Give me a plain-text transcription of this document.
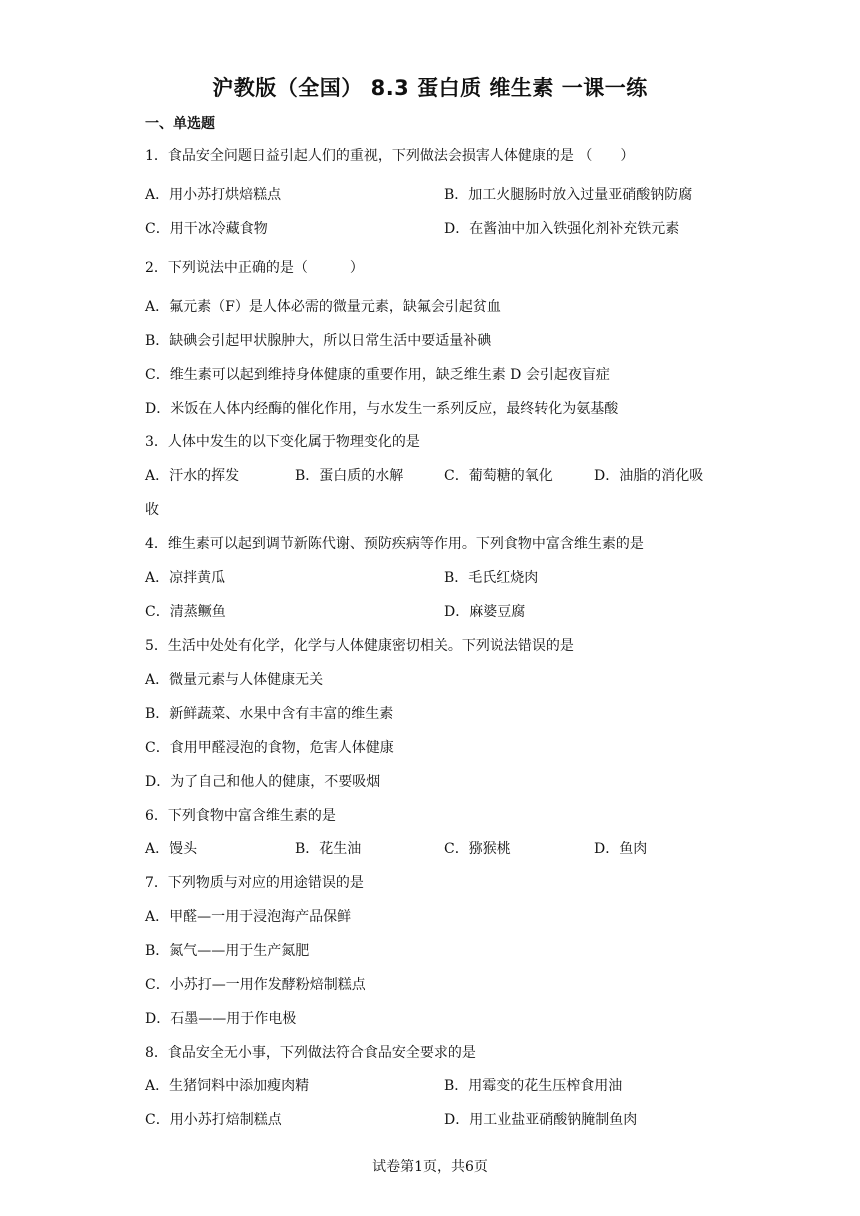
沪教版（全国） 8.3 蛋白质 维生素 一课一练
一、单选题
1．食品安全问题日益引起人们的重视，下列做法会损害人体健康的是 （　　）
A．用小苏打烘焙糕点	B．加工火腿肠时放入过量亚硝酸钠防腐
C．用干冰冷藏食物	D．在酱油中加入铁强化剂补充铁元素
2．下列说法中正确的是（　　　）
A．氟元素（F）是人体必需的微量元素，缺氟会引起贫血
B．缺碘会引起甲状腺肿大，所以日常生活中要适量补碘
C．维生素可以起到维持身体健康的重要作用，缺乏维生素 D 会引起夜盲症
D．米饭在人体内经酶的催化作用，与水发生一系列反应，最终转化为氨基酸
3．人体中发生的以下变化属于物理变化的是
A．汗水的挥发	B．蛋白质的水解	C．葡萄糖的氧化	D．油脂的消化吸
收
4．维生素可以起到调节新陈代谢、预防疾病等作用。下列食物中富含维生素的是
A．凉拌黄瓜	B．毛氏红烧肉
C．清蒸鳜鱼	D．麻婆豆腐
5．生活中处处有化学，化学与人体健康密切相关。下列说法错误的是
A．微量元素与人体健康无关
B．新鲜蔬菜、水果中含有丰富的维生素
C．食用甲醛浸泡的食物，危害人体健康
D．为了自己和他人的健康，不要吸烟
6．下列食物中富含维生素的是
A．馒头	B．花生油	C．猕猴桃	D．鱼肉
7．下列物质与对应的用途错误的是
A．甲醛—一用于浸泡海产品保鲜
B．氮气——用于生产氮肥
C．小苏打—一用作发酵粉焙制糕点
D．石墨——用于作电极
8．食品安全无小事，下列做法符合食品安全要求的是
A．生猪饲料中添加瘦肉精	B．用霉变的花生压榨食用油
C．用小苏打焙制糕点	D．用工业盐亚硝酸钠腌制鱼肉
试卷第1页，共6页
